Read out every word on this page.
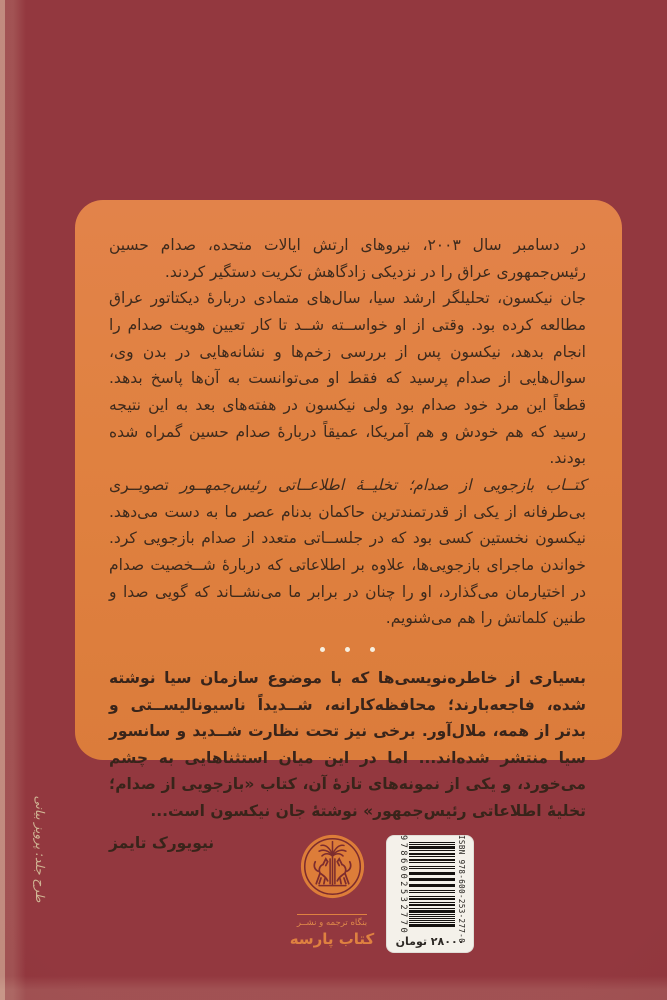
در دسامبر سال ۲۰۰۳، نیروهای ارتش ایالات متحده، صدام حسین رئیس‌جمهوری عراق را در نزدیکی زادگاهش تکریت دستگیر کردند.

جان نیکسون، تحلیلگر ارشد سیا، سال‌های متمادی دربارهٔ دیکتاتور عراق مطالعه کرده بود. وقتی از او خواســته شــد تا کار تعیین هویت صدام را انجام بدهد، نیکسون پس از بررسی زخم‌ها و نشانه‌هایی در بدن وی، سوال‌هایی از صدام پرسید که فقط او می‌توانست به آن‌ها پاسخ بدهد. قطعاً این مرد خود صدام بود ولی نیکسون در هفته‌های بعد به این نتیجه رسید که هم خودش و هم آمریکا، عمیقاً دربارهٔ صدام حسین گمراه شده بودند.

کتــاب بازجویی از صدام؛ تخلیــهٔ اطلاعــاتی رئیس‌جمهــور تصویــری بی‌طرفانه از یکی از قدرتمندترین حاکمان بدنام عصر ما به دست می‌دهد. نیکسون نخستین کسی بود که در جلســاتی متعدد از صدام بازجویی کرد. خواندن ماجرای بازجویی‌ها، علاوه بر اطلاعاتی که دربارهٔ شــخصیت صدام در اختیارمان می‌گذارد، او را چنان در برابر ما می‌نشــاند که گویی صدا و طنین کلماتش را هم می‌شنویم.

بسیاری از خاطره‌نویسی‌ها که با موضوع سازمان سیا نوشته شده، فاجعه‌بارند؛ محافظه‌کارانه، شــدیداً ناسیونالیســتی و بدتر از همه، ملال‌آور. برخی نیز تحت نظارت شــدید و سانسور سیا منتشر شده‌اند... اما در این میان استثناهایی به چشم می‌خورد، و یکی از نمونه‌های تازهٔ آن، کتاب «بازجویی از صدام؛ تخلیهٔ اطلاعاتی رئیس‌جمهور» نوشتهٔ جان نیکسون است...

نیویورک تایمز

طرح جلد: پرویز بیانی
بنگاه ترجمه و نشــر
کتاب پارسه	ISBN 978-600-253-277-0
9786002532770
۲۸۰۰۰ تومان
